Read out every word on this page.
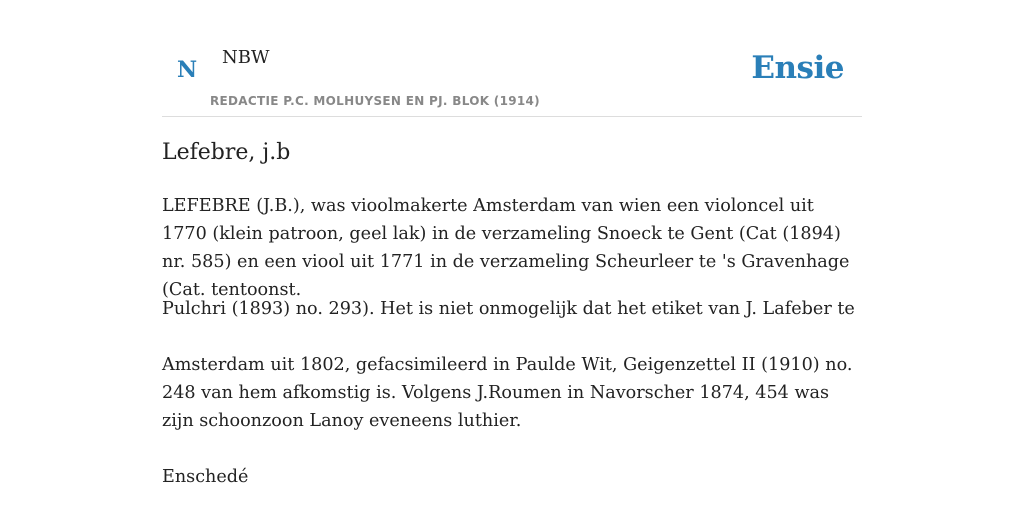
N NBW
REDACTIE P.C. MOLHUYSEN EN PJ. BLOK (1914)
Ensie
Lefebre, j.b

LEFEBRE (J.B.), was vioolmakerte Amsterdam van wien een violoncel uit 1770 (klein patroon, geel lak) in de verzameling Snoeck te Gent (Cat (1894) nr. 585) en een viool uit 1771 in de verzameling Scheurleer te 's Gravenhage (Cat. tentoonst.

Pulchri (1893) no. 293). Het is niet onmogelijk dat het etiket van J. Lafeber te

Amsterdam uit 1802, gefacsimileerd in Paulde Wit, Geigenzettel II (1910) no. 248 van hem afkomstig is. Volgens J.Roumen in Navorscher 1874, 454 was zijn schoonzoon Lanoy eveneens luthier.

Enschedé
